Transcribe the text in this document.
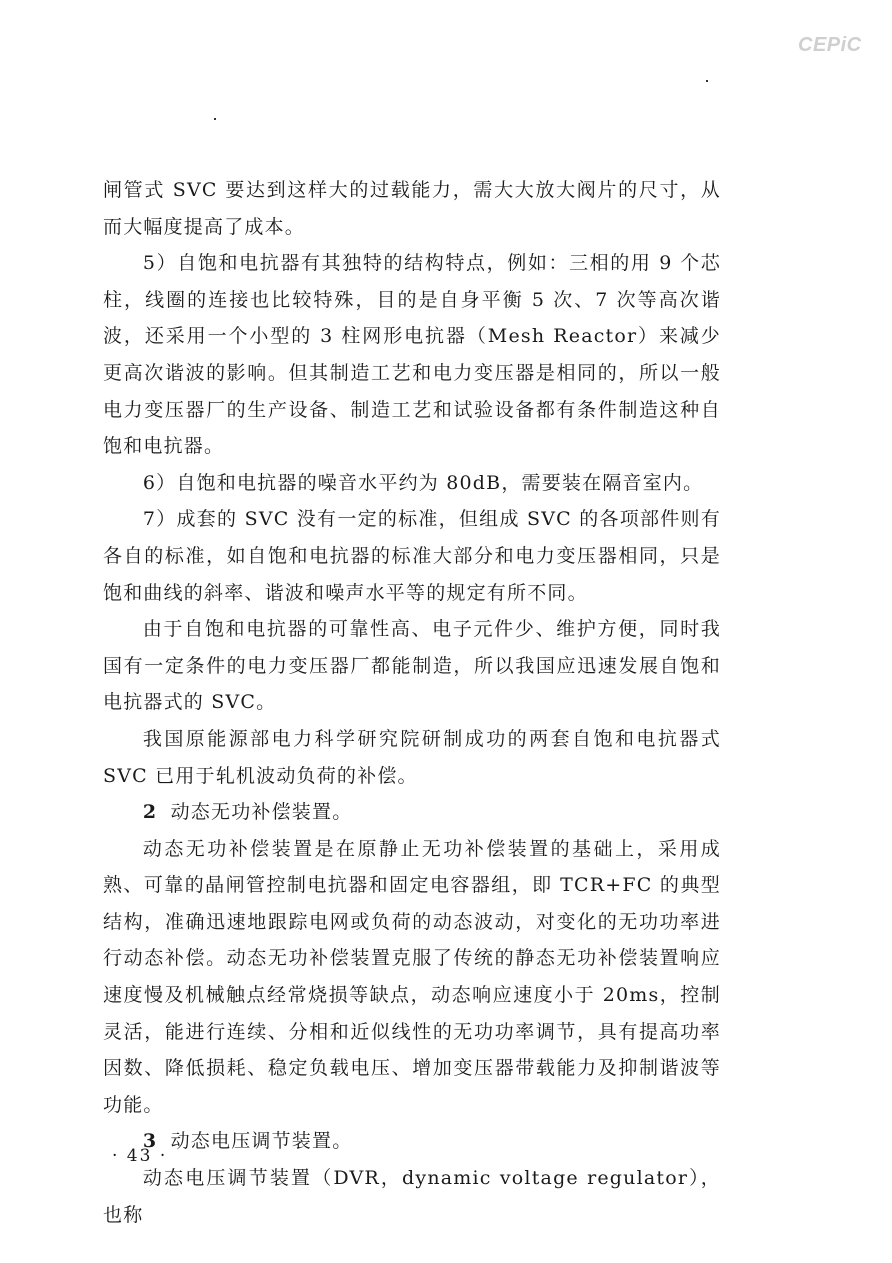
CEPiC

闸管式 SVC 要达到这样大的过载能力，需大大放大阀片的尺寸，从而大幅度提高了成本。

5）自饱和电抗器有其独特的结构特点，例如：三相的用 9 个芯柱，线圈的连接也比较特殊，目的是自身平衡 5 次、7 次等高次谐波，还采用一个小型的 3 柱网形电抗器（Mesh Reactor）来减少更高次谐波的影响。但其制造工艺和电力变压器是相同的，所以一般电力变压器厂的生产设备、制造工艺和试验设备都有条件制造这种自饱和电抗器。

6）自饱和电抗器的噪音水平约为 80dB，需要装在隔音室内。

7）成套的 SVC 没有一定的标准，但组成 SVC 的各项部件则有各自的标准，如自饱和电抗器的标准大部分和电力变压器相同，只是饱和曲线的斜率、谐波和噪声水平等的规定有所不同。

由于自饱和电抗器的可靠性高、电子元件少、维护方便，同时我国有一定条件的电力变压器厂都能制造，所以我国应迅速发展自饱和电抗器式的 SVC。

我国原能源部电力科学研究院研制成功的两套自饱和电抗器式 SVC 已用于轧机波动负荷的补偿。

2 动态无功补偿装置。

动态无功补偿装置是在原静止无功补偿装置的基础上，采用成熟、可靠的晶闸管控制电抗器和固定电容器组，即 TCR+FC 的典型结构，准确迅速地跟踪电网或负荷的动态波动，对变化的无功功率进行动态补偿。动态无功补偿装置克服了传统的静态无功补偿装置响应速度慢及机械触点经常烧损等缺点，动态响应速度小于 20ms，控制灵活，能进行连续、分相和近似线性的无功功率调节，具有提高功率因数、降低损耗、稳定负载电压、增加变压器带载能力及抑制谐波等功能。

3 动态电压调节装置。

动态电压调节装置（DVR，dynamic voltage regulator），也称

· 43 ·
